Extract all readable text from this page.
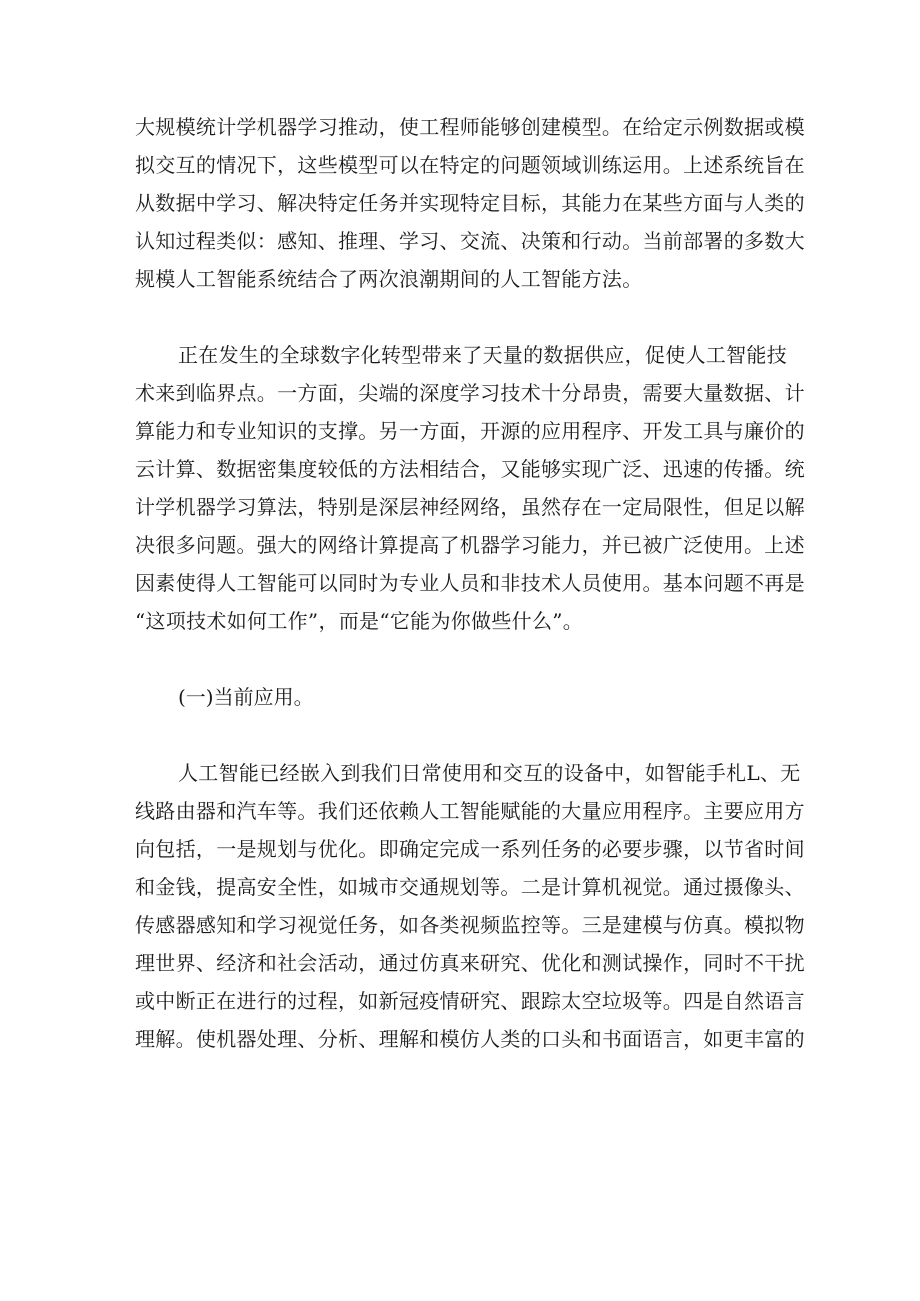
大规模统计学机器学习推动，使工程师能够创建模型。在给定示例数据或模
拟交互的情况下，这些模型可以在特定的问题领域训练运用。上述系统旨在
从数据中学习、解决特定任务并实现特定目标，其能力在某些方面与人类的
认知过程类似：感知、推理、学习、交流、决策和行动。当前部署的多数大
规模人工智能系统结合了两次浪潮期间的人工智能方法。
正在发生的全球数字化转型带来了天量的数据供应，促使人工智能技
术来到临界点。一方面，尖端的深度学习技术十分昂贵，需要大量数据、计
算能力和专业知识的支撑。另一方面，开源的应用程序、开发工具与廉价的
云计算、数据密集度较低的方法相结合，又能够实现广泛、迅速的传播。统
计学机器学习算法，特别是深层神经网络，虽然存在一定局限性，但足以解
决很多问题。强大的网络计算提高了机器学习能力，并已被广泛使用。上述
因素使得人工智能可以同时为专业人员和非技术人员使用。基本问题不再是
“这项技术如何工作”，而是“它能为你做些什么”。
(一)当前应用。
人工智能已经嵌入到我们日常使用和交互的设备中，如智能手札L、无
线路由器和汽车等。我们还依赖人工智能赋能的大量应用程序。主要应用方
向包括，一是规划与优化。即确定完成一系列任务的必要步骤，以节省时间
和金钱，提高安全性，如城市交通规划等。二是计算机视觉。通过摄像头、
传感器感知和学习视觉任务，如各类视频监控等。三是建模与仿真。模拟物
理世界、经济和社会活动，通过仿真来研究、优化和测试操作，同时不干扰
或中断正在进行的过程，如新冠疫情研究、跟踪太空垃圾等。四是自然语言
理解。使机器处理、分析、理解和模仿人类的口头和书面语言，如更丰富的
